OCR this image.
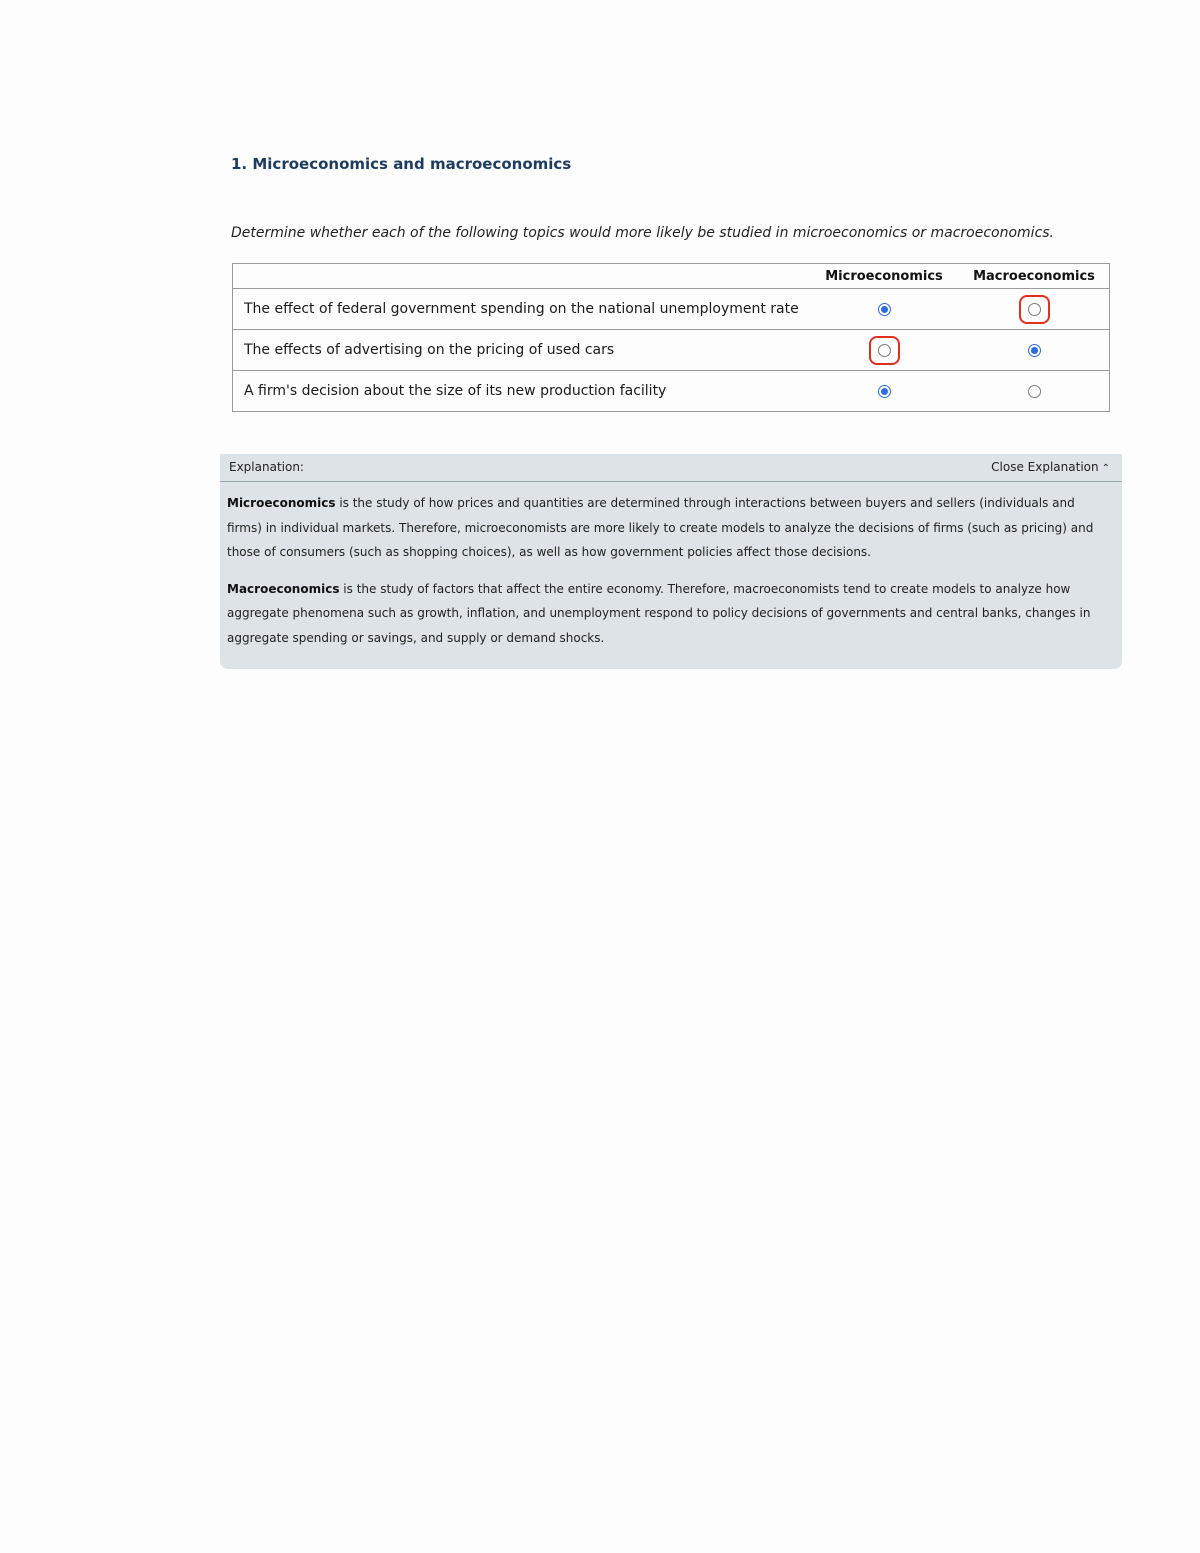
1. Microeconomics and macroeconomics
Determine whether each of the following topics would more likely be studied in microeconomics or macroeconomics.
	Microeconomics	Macroeconomics
The effect of federal government spending on the national unemployment rate		
The effects of advertising on the pricing of used cars		
A firm's decision about the size of its new production facility		
Explanation:	Close Explanation ⌃

Microeconomics is the study of how prices and quantities are determined through interactions between buyers and sellers (individuals and firms) in individual markets. Therefore, microeconomists are more likely to create models to analyze the decisions of firms (such as pricing) and those of consumers (such as shopping choices), as well as how government policies affect those decisions.

Macroeconomics is the study of factors that affect the entire economy. Therefore, macroeconomists tend to create models to analyze how aggregate phenomena such as growth, inflation, and unemployment respond to policy decisions of governments and central banks, changes in aggregate spending or savings, and supply or demand shocks.
